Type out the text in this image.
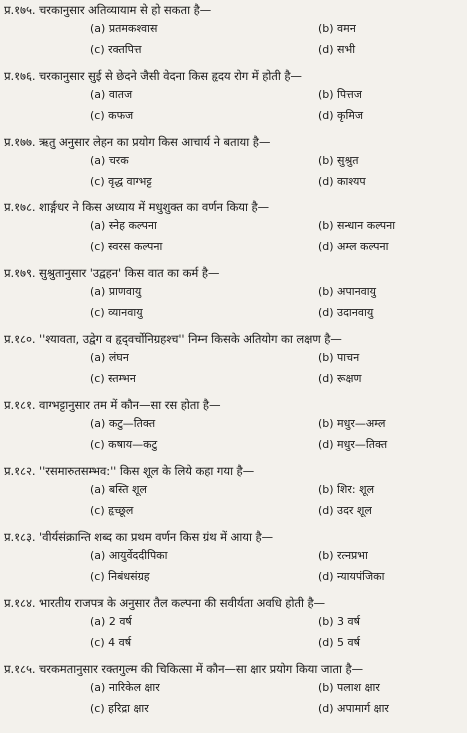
प्र.१७५. चरकानुसार अतिव्यायाम से हो सकता है—
(a) प्रतमकश्वास	(b) वमन
(c) रक्तपित्त	(d) सभी
प्र.१७६. चरकानुसार सुई से छेदने जैसी वेदना किस हृदय रोग में होती है—
(a) वातज	(b) पित्तज
(c) कफज	(d) कृमिज
प्र.१७७. ऋतु अनुसार लेहन का प्रयोग किस आचार्य ने बताया है—
(a) चरक	(b) सुश्रुत
(c) वृद्ध वाग्भट्ट	(d) काश्यप
प्र.१७८. शार्ङ्गधर ने किस अध्याय में मधुशुक्त का वर्णन किया है—
(a) स्नेह कल्पना	(b) सन्धान कल्पना
(c) स्वरस कल्पना	(d) अम्ल कल्पना
प्र.१७९. सुश्रुतानुसार 'उद्वहन' किस वात का कर्म है—
(a) प्राणवायु	(b) अपानवायु
(c) व्यानवायु	(d) उदानवायु
प्र.१८०. ''श्यावता, उद्वेग व हृद्‌वर्चोनिग्रहश्च'' निम्न किसके अतियोग का लक्षण है—
(a) लंघन	(b) पाचन
(c) स्तम्भन	(d) रूक्षण
प्र.१८१. वाग्भट्टानुसार तम में कौन—सा रस होता है—
(a) कटु—तिक्त	(b) मधुर—अम्ल
(c) कषाय—कटु	(d) मधुर—तिक्त
प्र.१८२. ''रसमारुतसम्भव:'' किस शूल के लिये कहा गया है—
(a) बस्ति शूल	(b) शिर: शूल
(c) हृच्छूल	(d) उदर शूल
प्र.१८३. 'वीर्यसंक्रान्ति शब्द का प्रथम वर्णन किस ग्रंथ में आया है—
(a) आयुर्वेददीपिका	(b) रत्नप्रभा
(c) निबंधसंग्रह	(d) न्यायपंजिका
प्र.१८४. भारतीय राजपत्र के अनुसार तैल कल्पना की सवीर्यता अवधि होती है—
(a) 2 वर्ष	(b) 3 वर्ष
(c) 4 वर्ष	(d) 5 वर्ष
प्र.१८५. चरकमतानुसार रक्तगुल्म की चिकित्सा में कौन—सा क्षार प्रयोग किया जाता है—
(a) नारिकेल क्षार	(b) पलाश क्षार
(c) हरिद्रा क्षार	(d) अपामार्ग क्षार
